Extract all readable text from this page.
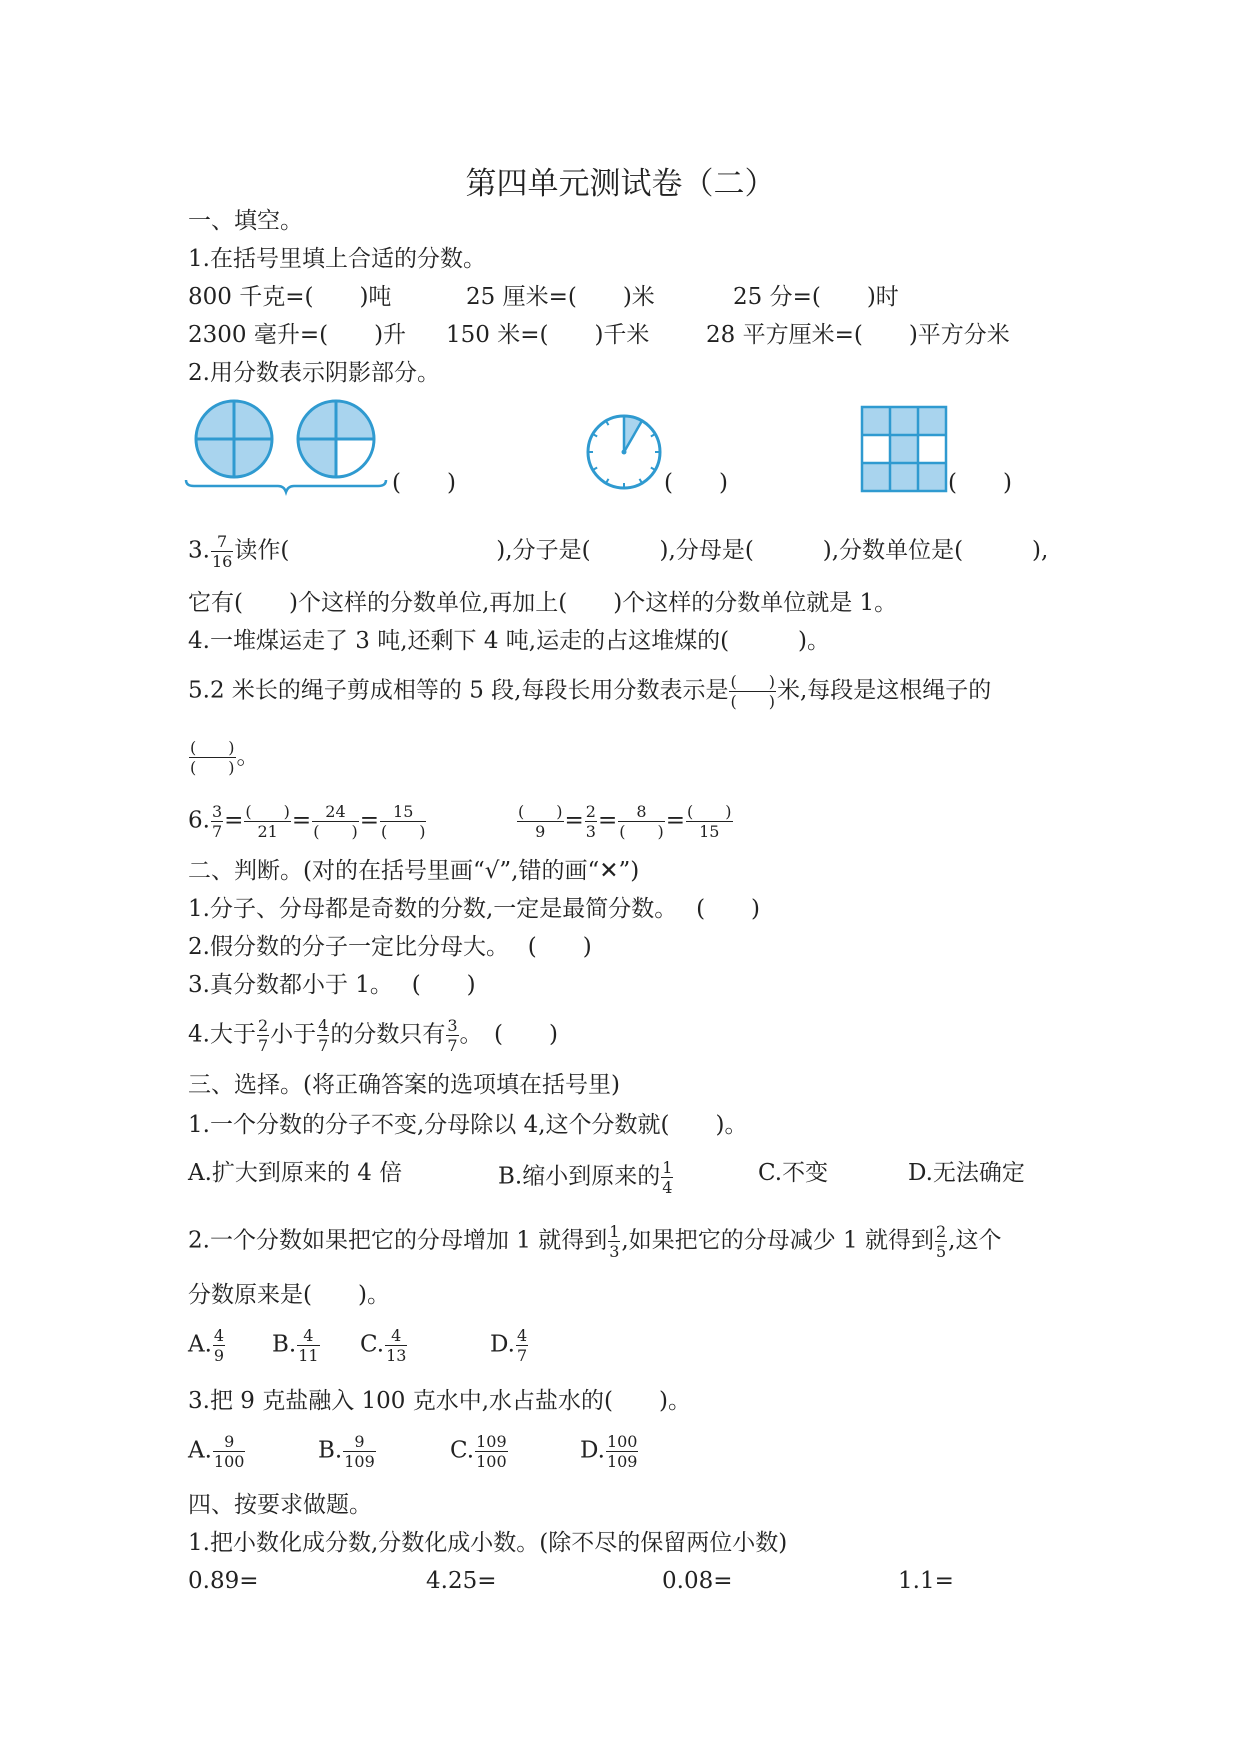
第四单元测试卷（二）
一、填空。
1.在括号里填上合适的分数。
800 千克=(　　)吨	25 厘米=(　　)米	25 分=(　　)时
2300 毫升=(　　)升 150 米=(　　)千米 28 平方厘米=(　　)平方分米
2.用分数表示阴影部分。
(　　)	(　　)	(　　)
3. $\frac{7}{16}$ 读作(　　　　　　　　　),分子是(　　　),分母是(　　　),分数单位是(　　　),
它有(　　)个这样的分数单位,再加上(　　)个这样的分数单位就是 1。
4.一堆煤运走了 3 吨,还剩下 4 吨,运走的占这堆煤的(　　　)。
5.2 米长的绳子剪成相等的 5 段,每段长用分数表示是 $\frac{( )}{( )}$ 米,每段是这根绳子的
$\frac{( )}{( )}$ 。
6. $\frac{3}{7} = \frac{( )}{21} = \frac{24}{( )} = \frac{15}{( )}$	$\frac{( )}{9} = \frac{2}{3} = \frac{8}{( )} = \frac{( )}{15}$
二、判断。(对的在括号里画“√”,错的画“✕”)
1.分子、分母都是奇数的分数,一定是最简分数。　 (　　)
2.假分数的分子一定比分母大。　 (　　)
3.真分数都小于 1。　 (　　)
4.大于 $\frac{2}{7}$ 小于 $\frac{4}{7}$ 的分数只有 $\frac{3}{7}$ 。　(　　)
三、选择。(将正确答案的选项填在括号里)
1.一个分数的分子不变,分母除以 4,这个分数就(　　)。
A.扩大到原来的 4 倍	B.缩小到原来的 $\frac{1}{4}$	C.不变	D.无法确定
2.一个分数如果把它的分母增加 1 就得到 $\frac{1}{3}$ ,如果把它的分母减少 1 就得到 $\frac{2}{5}$ ,这个
分数原来是(　　)。
A. $\frac{4}{9} B$. $\frac{4}{11} C$. $\frac{4}{13}$	D. $\frac{4}{7}$
3.把 9 克盐融入 100 克水中,水占盐水的(　　)。
A. $\frac{9}{100}$	B. $\frac{9}{109}$	C. $\frac{109}{100}$	D. $\frac{100}{109}$
四、按要求做题。
1.把小数化成分数,分数化成小数。(除不尽的保留两位小数)
0.89=	4.25=	0.08=	1.1=
